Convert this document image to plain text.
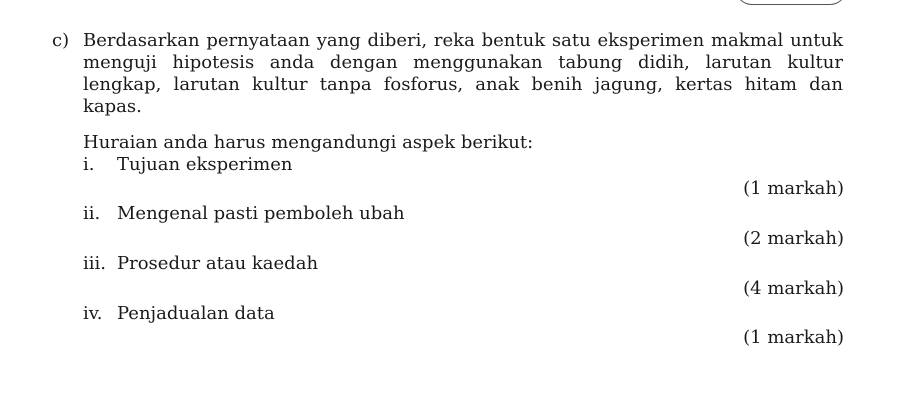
c) Berdasarkan pernyataan yang diberi, reka bentuk satu eksperimen makmal untuk menguji hipotesis anda dengan menggunakan tabung didih, larutan kultur lengkap, larutan kultur tanpa fosforus, anak benih jagung, kertas hitam dan kapas.
Huraian anda harus mengandungi aspek berikut:
i. Tujuan eksperimen
(1 markah)
ii. Mengenal pasti pemboleh ubah
(2 markah)
iii. Prosedur atau kaedah
(4 markah)
iv. Penjadualan data
(1 markah)
